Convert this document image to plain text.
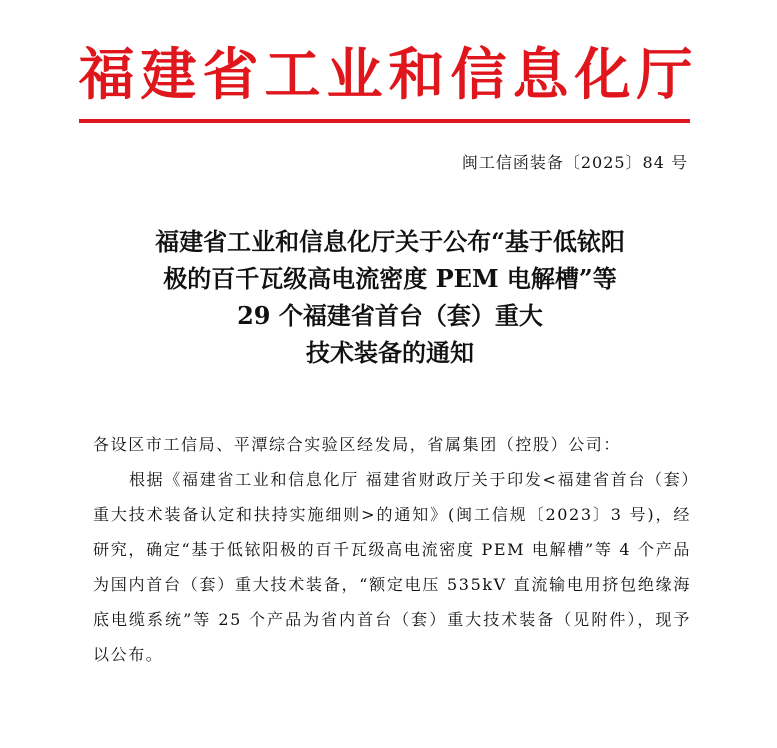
福建省工业和信息化厅
闽工信函装备〔2025〕84 号
福建省工业和信息化厅关于公布“基于低铱阳
极的百千瓦级高电流密度 PEM 电解槽”等
29 个福建省首台（套）重大
技术装备的通知

各设区市工信局、平潭综合实验区经发局，省属集团（控股）公司：

根据《福建省工业和信息化厅 福建省财政厅关于印发<福建省首台（套）重大技术装备认定和扶持实施细则>的通知》(闽工信规〔2023〕3 号)，经研究，确定“基于低铱阳极的百千瓦级高电流密度 PEM 电解槽”等 4 个产品为国内首台（套）重大技术装备，“额定电压 535kV 直流输电用挤包绝缘海底电缆系统”等 25 个产品为省内首台（套）重大技术装备（见附件），现予以公布。
